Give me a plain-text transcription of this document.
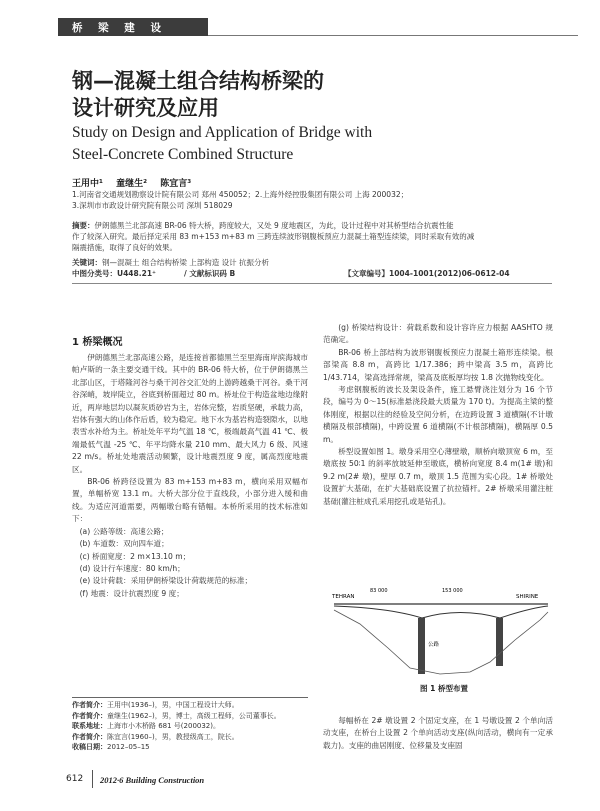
桥 梁 建 设
钢—混凝土组合结构桥梁的
设计研究及应用
Study on Design and Application of Bridge with
Steel-Concrete Combined Structure
王用中¹ 童继生² 陈宜言³
1.河南省交通规划勘察设计院有限公司 郑州 450052；2.上海外经控股集团有限公司 上海 200032；
3.深圳市市政设计研究院有限公司 深圳 518029
摘要：伊朗德黑兰北部高速 BR-06 特大桥，跨度较大，又处 9 度地震区，为此，设计过程中对其桥型结合抗震性能
作了较深入研究。最后择定采用 83 m+153 m+83 m 三跨连续波形钢腹板预应力混凝土箱型连续梁，同时采取有效的减
隔震措施，取得了良好的效果。
关键词：钢—混凝土 组合结构桥梁 上部构造 设计 抗振分析
中图分类号：U448.21⁺	/ 文献标识码 B	【文章编号】1004-1001(2012)06-0612-04
1 桥梁概况

伊朗德黑兰北部高速公路，是连接首都德黑兰至里海南岸滨海城市帕卢斯的一条主要交通干线。其中的 BR-06 特大桥，位于伊朗德黑兰北部山区，于塔隆河谷与桑干河谷交汇处的上游跨越桑干河谷。桑干河谷深峭，坡岸陡立，谷底到桥面超过 80 m。桥址位于构造盆地边缘附近，两岸地层均以凝灰质砂岩为主，岩体完整，岩质坚硬，承载力高，岩体有强大的山体作后盾，较为稳定。地下水为基岩构造裂隙水，以地表雪水补给为主。桥址处年平均气温 18 ℃，极端最高气温 41 ℃、极端最低气温 -25 ℃、年平均降水量 210 mm、最大风力 6 级、风速 22 m/s。桥址处地震活动频繁，设计地震烈度 9 度，属高烈度地震区。

BR-06 桥跨径设置为 83 m+153 m+83 m，横向采用双幅布置，单幅桥宽 13.1 m。大桥大部分位于直线段，小部分进入缓和曲线。为适应河道需要，两幅墩台略有错幅。本桥所采用的技术标准如下：

(a) 公路等级：高速公路；

(b) 车道数：双向四车道；

(c) 桥面宽度：2 m×13.10 m；

(d) 设计行车速度：80 km/h；

(e) 设计荷载：采用伊朗桥梁设计荷载规范的标准；

(f) 地震：设计抗震烈度 9 度；

(g) 桥梁结构设计：荷载系数和设计容许应力根据 AASHTO 规范确定。

BR-06 桥上部结构为波形钢腹板预应力混凝土箱形连续梁。根部梁高 8.8 m，高跨比 1/17.386；跨中梁高 3.5 m，高跨比 1/43.714，梁高选择常规，梁高及底板厚均按 1.8 次抛物线变化。

考虑钢腹板的波长及架设条件，施工悬臂浇注划分为 16 个节段，编号为 0～15(标准悬浇段最大质量为 170 t)。为提高主梁的整体刚度，根据以往的经验及空间分析，在边跨设置 3 道横隔(不计墩横隔及根部横隔)，中跨设置 6 道横隔(不计根部横隔)，横隔厚 0.5 m。

桥型设置如图 1。墩身采用空心薄壁墩，顺桥向墩顶宽 6 m，至墩底按 50∶1 的斜率放坡延伸至墩底，横桥向宽度 8.4 m(1# 墩)和 9.2 m(2# 墩)，壁厚 0.7 m，墩顶 1.5 范围为实心段。1# 桥墩处设置扩大基础，在扩大基础底设置了抗拉锚杆。2# 桥墩采用灌注桩基础(灌注桩成孔采用挖孔或是钻孔)。

TEHRAN	SHIRINE
153 000
83 000
公路
图 1 桥型布置
作者简介：王用中(1936–)，男，中国工程设计大师。
作者简介：童继生(1962–)，男，博士，高级工程师，公司董事长。
联系地址：上海市小木桥路 681 号(200032)。
作者简介：陈宜言(1960–)，男，教授级高工，院长。
收稿日期：2012–05–15

每幅桥在 2# 墩设置 2 个固定支座，在 1 号墩设置 2 个单向活动支座，在桥台上设置 2 个单向活动支座(纵向活动，横向有一定承载力)。支座的曲居刚度、位移量及支座固

612 2012·6 Building Construction
